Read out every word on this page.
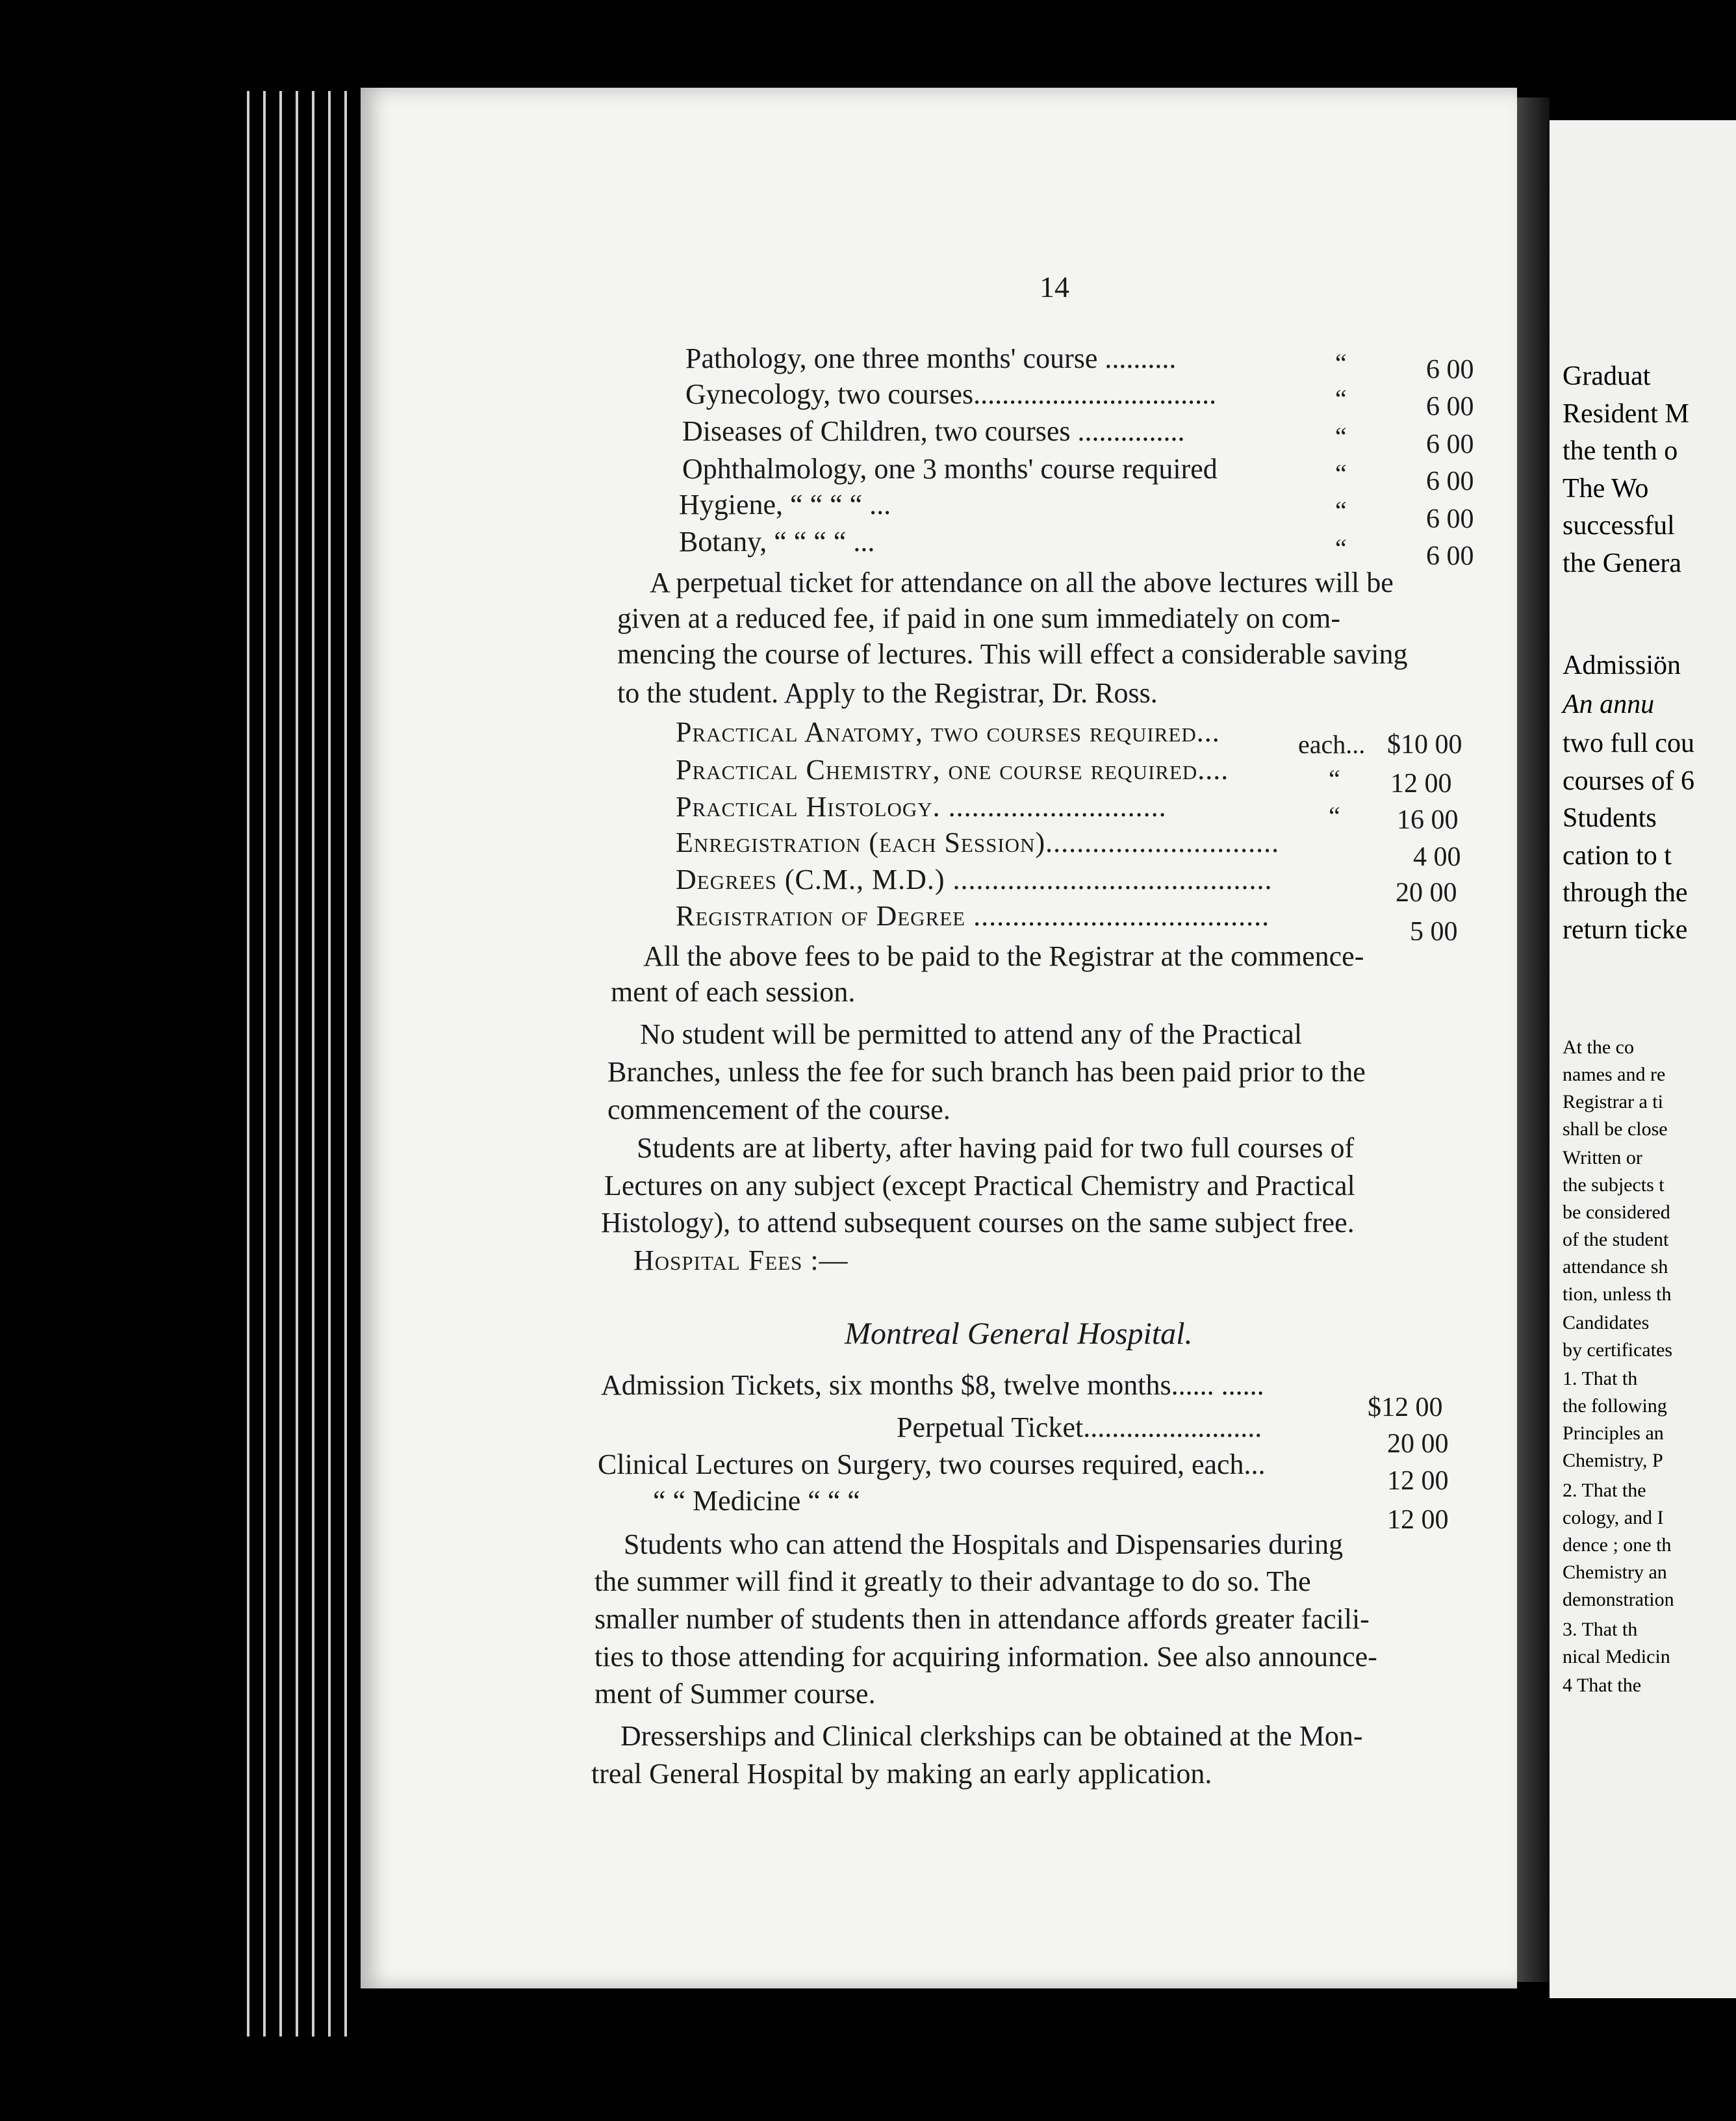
14
Pathology, one three months' course ..........	“	6 00
Gynecology, two courses..................................	“	6 00
Diseases of Children, two courses ...............	“	6 00
Ophthalmology, one 3 months' course required	“	6 00
Hygiene, “ “ “ “ ...	“	6 00
Botany, “ “ “ “ ...	“	6 00
A perpetual ticket for attendance on all the above lectures will be
given at a reduced fee, if paid in one sum immediately on com-
mencing the course of lectures. This will effect a considerable saving
to the student. Apply to the Registrar, Dr. Ross.
Practical Anatomy, two courses required...	each... $10 00
Practical Chemistry, one course required....	“ 12 00
Practical Histology. ............................	“ 16 00
Enregistration (each Session)..............................	4 00
Degrees (C.M., M.D.) .........................................	20 00
Registration of Degree ......................................	5 00
All the above fees to be paid to the Registrar at the commence-
ment of each session.
No student will be permitted to attend any of the Practical
Branches, unless the fee for such branch has been paid prior to the
commencement of the course.
Students are at liberty, after having paid for two full courses of
Lectures on any subject (except Practical Chemistry and Practical
Histology), to attend subsequent courses on the same subject free.
Hospital Fees :—
Montreal General Hospital.
Admission Tickets, six months $8, twelve months...... ......
$12 00
Perpetual Ticket.........................
20 00
Clinical Lectures on Surgery, two courses required, each...
12 00
“ “ Medicine “ “ “
12 00
Students who can attend the Hospitals and Dispensaries during
the summer will find it greatly to their advantage to do so. The
smaller number of students then in attendance affords greater facili-
ties to those attending for acquiring information. See also announce-
ment of Summer course.
Dresserships and Clinical clerkships can be obtained at the Mon-
treal General Hospital by making an early application.
Graduat
Resident M
the tenth o
The Wo
successful
the Genera
Admissiön
An annu
two full cou
courses of 6
Students
cation to t
through the
return ticke
At the co
names and re
Registrar a ti
shall be close
Written or
the subjects t
be considered
of the student
attendance sh
tion, unless th
Candidates
by certificates
1. That th
the following
Principles an
Chemistry, P
2. That the
cology, and I
dence ; one th
Chemistry an
demonstration
3. That th
nical Medicin
4 That the
